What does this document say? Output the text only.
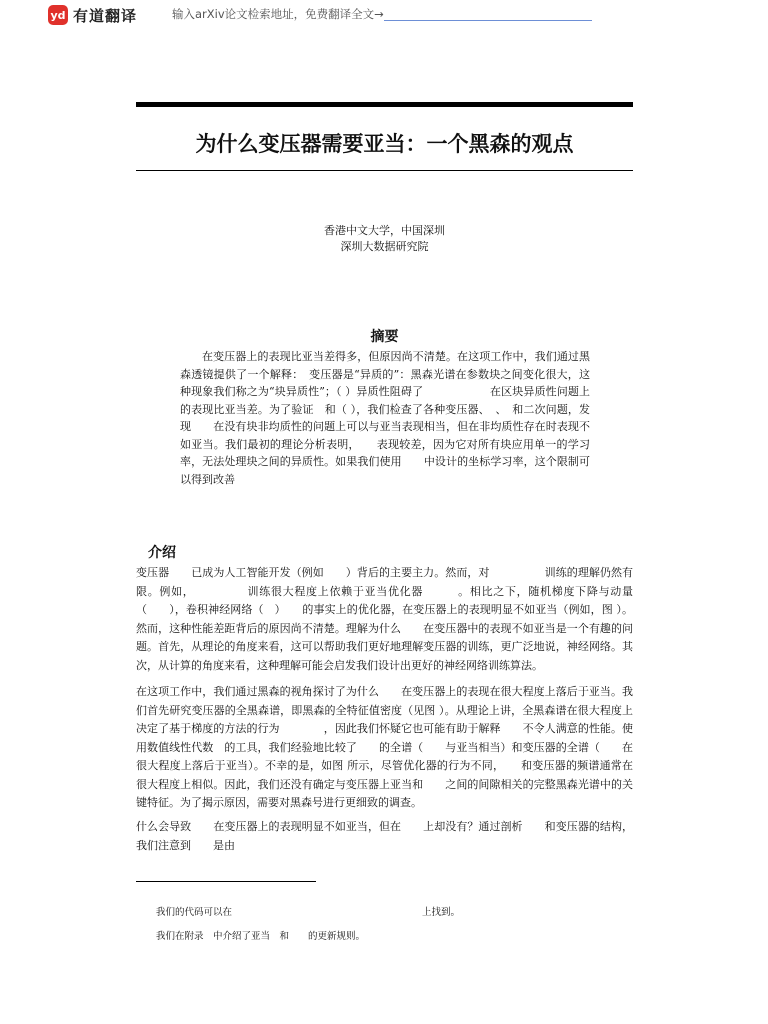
yd 有道翻译	输入arXiv论文检索地址，免费翻译全文→
为什么变压器需要亚当：一个黑森的观点
香港中文大学，中国深圳
深圳大数据研究院
摘要

在变压器上的表现比亚当差得多，但原因尚不清楚。在这项工作中，我们通过黑森透镜提供了一个解释：　变压器是“异质的”：黑森光谱在参数块之间变化很大，这种现象我们称之为“块异质性”；（ ）异质性阻碍了　　　　　　在区块异质性问题上的表现比亚当差。为了验证　和（ ），我们检查了各种变压器、　、　和二次问题，发现　　在没有块非均质性的问题上可以与亚当表现相当，但在非均质性存在时表现不如亚当。我们最初的理论分析表明，　　表现较差，因为它对所有块应用单一的学习率，无法处理块之间的异质性。如果我们使用　　中设计的坐标学习率，这个限制可以得到改善

介绍

变压器　　已成为人工智能开发（例如　　）背后的主要主力。然而，对　　　　　训练的理解仍然有限。例如，　　　　　训练很大程度上依赖于亚当优化器　　　。相比之下，随机梯度下降与动量（　　），卷积神经网络（　）　　的事实上的优化器，在变压器上的表现明显不如亚当（例如，图 ）。然而，这种性能差距背后的原因尚不清楚。理解为什么　　在变压器中的表现不如亚当是一个有趣的问题。首先，从理论的角度来看，这可以帮助我们更好地理解变压器的训练，更广泛地说，神经网络。其次，从计算的角度来看，这种理解可能会启发我们设计出更好的神经网络训练算法。

在这项工作中，我们通过黑森的视角探讨了为什么　　在变压器上的表现在很大程度上落后于亚当。我们首先研究变压器的全黑森谱，即黑森的全特征值密度（见图 ）。从理论上讲，全黑森谱在很大程度上决定了基于梯度的方法的行为　　　　，因此我们怀疑它也可能有助于解释　　不令人满意的性能。使用数值线性代数　的工具，我们经验地比较了　　的全谱（　　与亚当相当）和变压器的全谱（　　在很大程度上落后于亚当）。不幸的是，如图 所示，尽管优化器的行为不同，　　和变压器的频谱通常在很大程度上相似。因此，我们还没有确定与变压器上亚当和　　之间的间隙相关的完整黑森光谱中的关键特征。为了揭示原因，需要对黑森号进行更细致的调查。

什么会导致　　在变压器上的表现明显不如亚当，但在　　上却没有？通过剖析　　和变压器的结构，我们注意到　　是由

我们的代码可以在　　　　　　　　　　　　　　　　　　　　上找到。
我们在附录　中介绍了亚当　和　　的更新规则。
